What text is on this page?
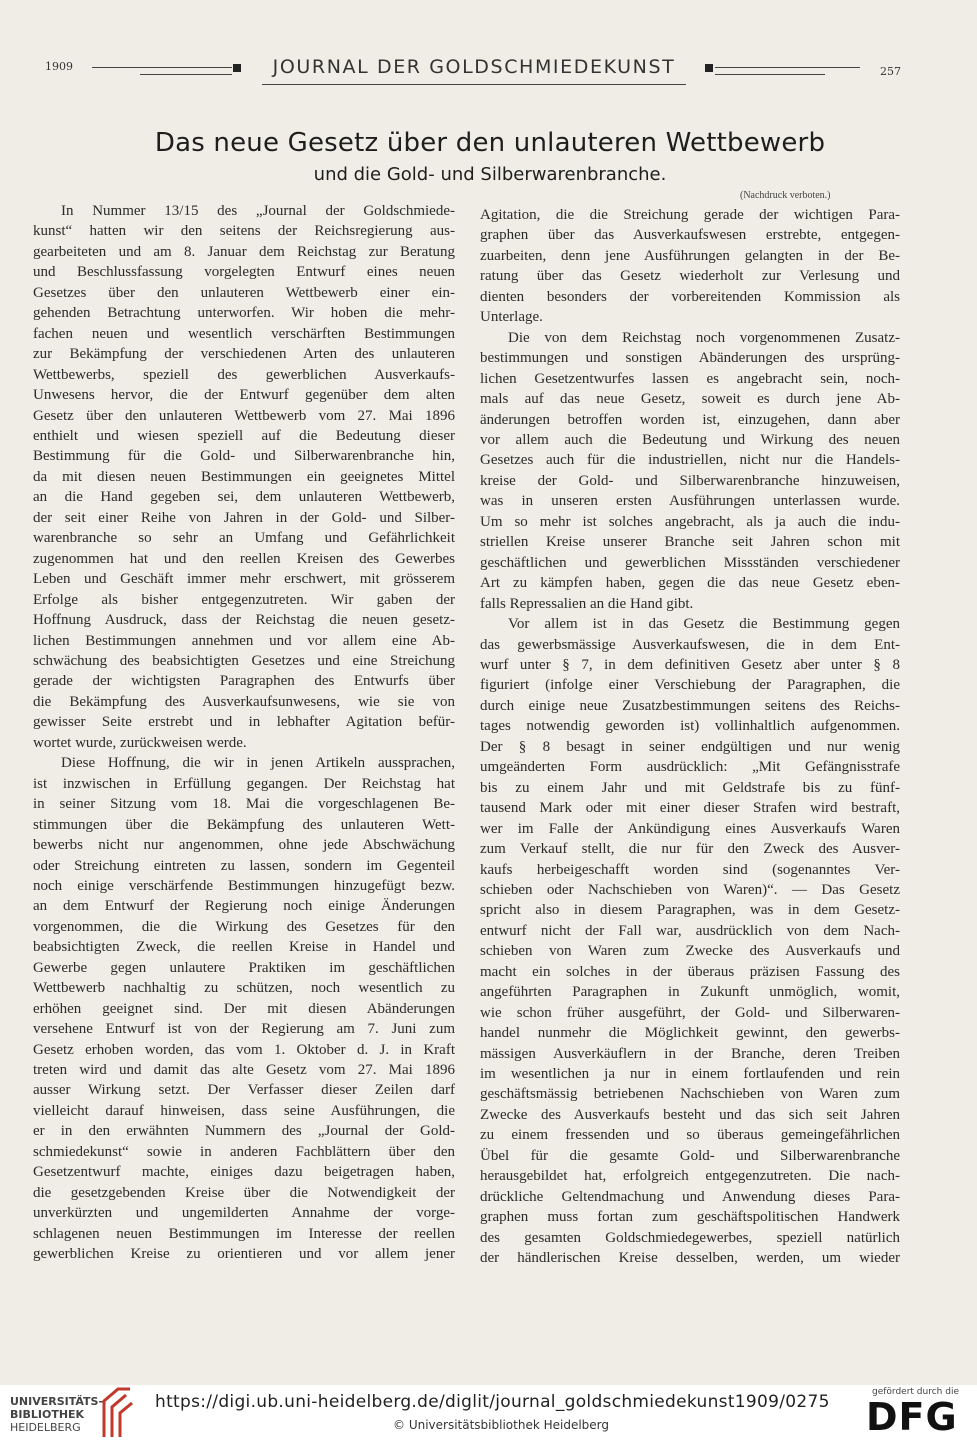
1909	257
JOURNAL DER GOLDSCHMIEDEKUNST
Das neue Gesetz über den unlauteren Wettbewerb
und die Gold- und Silberwarenbranche.
(Nachdruck verboten.)
In Nummer 13/15 des „Journal der Goldschmiede-
kunst“ hatten wir den seitens der Reichsregierung aus-
gearbeiteten und am 8. Januar dem Reichstag zur Beratung
und Beschlussfassung vorgelegten Entwurf eines neuen
Gesetzes über den unlauteren Wettbewerb einer ein-
gehenden Betrachtung unterworfen. Wir hoben die mehr-
fachen neuen und wesentlich verschärften Bestimmungen
zur Bekämpfung der verschiedenen Arten des unlauteren
Wettbewerbs, speziell des gewerblichen Ausverkaufs-
Unwesens hervor, die der Entwurf gegenüber dem alten
Gesetz über den unlauteren Wettbewerb vom 27. Mai 1896
enthielt und wiesen speziell auf die Bedeutung dieser
Bestimmung für die Gold- und Silberwarenbranche hin,
da mit diesen neuen Bestimmungen ein geeignetes Mittel
an die Hand gegeben sei, dem unlauteren Wettbewerb,
der seit einer Reihe von Jahren in der Gold- und Silber-
warenbranche so sehr an Umfang und Gefährlichkeit
zugenommen hat und den reellen Kreisen des Gewerbes
Leben und Geschäft immer mehr erschwert, mit grösserem
Erfolge als bisher entgegenzutreten. Wir gaben der
Hoffnung Ausdruck, dass der Reichstag die neuen gesetz-
lichen Bestimmungen annehmen und vor allem eine Ab-
schwächung des beabsichtigten Gesetzes und eine Streichung
gerade der wichtigsten Paragraphen des Entwurfs über
die Bekämpfung des Ausverkaufsunwesens, wie sie von
gewisser Seite erstrebt und in lebhafter Agitation befür-
wortet wurde, zurückweisen werde.
Diese Hoffnung, die wir in jenen Artikeln aussprachen,
ist inzwischen in Erfüllung gegangen. Der Reichstag hat
in seiner Sitzung vom 18. Mai die vorgeschlagenen Be-
stimmungen über die Bekämpfung des unlauteren Wett-
bewerbs nicht nur angenommen, ohne jede Abschwächung
oder Streichung eintreten zu lassen, sondern im Gegenteil
noch einige verschärfende Bestimmungen hinzugefügt bezw.
an dem Entwurf der Regierung noch einige Änderungen
vorgenommen, die die Wirkung des Gesetzes für den
beabsichtigten Zweck, die reellen Kreise in Handel und
Gewerbe gegen unlautere Praktiken im geschäftlichen
Wettbewerb nachhaltig zu schützen, noch wesentlich zu
erhöhen geeignet sind. Der mit diesen Abänderungen
versehene Entwurf ist von der Regierung am 7. Juni zum
Gesetz erhoben worden, das vom 1. Oktober d. J. in Kraft
treten wird und damit das alte Gesetz vom 27. Mai 1896
ausser Wirkung setzt. Der Verfasser dieser Zeilen darf
vielleicht darauf hinweisen, dass seine Ausführungen, die
er in den erwähnten Nummern des „Journal der Gold-
schmiedekunst“ sowie in anderen Fachblättern über den
Gesetzentwurf machte, einiges dazu beigetragen haben,
die gesetzgebenden Kreise über die Notwendigkeit der
unverkürzten und ungemilderten Annahme der vorge-
schlagenen neuen Bestimmungen im Interesse der reellen
gewerblichen Kreise zu orientieren und vor allem jener
Agitation, die die Streichung gerade der wichtigen Para-
graphen über das Ausverkaufswesen erstrebte, entgegen-
zuarbeiten, denn jene Ausführungen gelangten in der Be-
ratung über das Gesetz wiederholt zur Verlesung und
dienten besonders der vorbereitenden Kommission als
Unterlage.
Die von dem Reichstag noch vorgenommenen Zusatz-
bestimmungen und sonstigen Abänderungen des ursprüng-
lichen Gesetzentwurfes lassen es angebracht sein, noch-
mals auf das neue Gesetz, soweit es durch jene Ab-
änderungen betroffen worden ist, einzugehen, dann aber
vor allem auch die Bedeutung und Wirkung des neuen
Gesetzes auch für die industriellen, nicht nur die Handels-
kreise der Gold- und Silberwarenbranche hinzuweisen,
was in unseren ersten Ausführungen unterlassen wurde.
Um so mehr ist solches angebracht, als ja auch die indu-
striellen Kreise unserer Branche seit Jahren schon mit
geschäftlichen und gewerblichen Missständen verschiedener
Art zu kämpfen haben, gegen die das neue Gesetz eben-
falls Repressalien an die Hand gibt.
Vor allem ist in das Gesetz die Bestimmung gegen
das gewerbsmässige Ausverkaufswesen, die in dem Ent-
wurf unter § 7, in dem definitiven Gesetz aber unter § 8
figuriert (infolge einer Verschiebung der Paragraphen, die
durch einige neue Zusatzbestimmungen seitens des Reichs-
tages notwendig geworden ist) vollinhaltlich aufgenommen.
Der § 8 besagt in seiner endgültigen und nur wenig
umgeänderten Form ausdrücklich: „Mit Gefängnisstrafe
bis zu einem Jahr und mit Geldstrafe bis zu fünf-
tausend Mark oder mit einer dieser Strafen wird bestraft,
wer im Falle der Ankündigung eines Ausverkaufs Waren
zum Verkauf stellt, die nur für den Zweck des Ausver-
kaufs herbeigeschafft worden sind (sogenanntes Ver-
schieben oder Nachschieben von Waren)“. — Das Gesetz
spricht also in diesem Paragraphen, was in dem Gesetz-
entwurf nicht der Fall war, ausdrücklich von dem Nach-
schieben von Waren zum Zwecke des Ausverkaufs und
macht ein solches in der überaus präzisen Fassung des
angeführten Paragraphen in Zukunft unmöglich, womit,
wie schon früher ausgeführt, der Gold- und Silberwaren-
handel nunmehr die Möglichkeit gewinnt, den gewerbs-
mässigen Ausverkäuflern in der Branche, deren Treiben
im wesentlichen ja nur in einem fortlaufenden und rein
geschäftsmässig betriebenen Nachschieben von Waren zum
Zwecke des Ausverkaufs besteht und das sich seit Jahren
zu einem fressenden und so überaus gemeingefährlichen
Übel für die gesamte Gold- und Silberwarenbranche
herausgebildet hat, erfolgreich entgegenzutreten. Die nach-
drückliche Geltendmachung und Anwendung dieses Para-
graphen muss fortan zum geschäftspolitischen Handwerk
des gesamten Goldschmiedegewerbes, speziell natürlich
der händlerischen Kreise desselben, werden, um wieder
UNIVERSITÄTS-
BIBLIOTHEK
HEIDELBERG
https://digi.ub.uni-heidelberg.de/diglit/journal_goldschmiedekunst1909/0275
© Universitätsbibliothek Heidelberg
gefördert durch die
DFG
